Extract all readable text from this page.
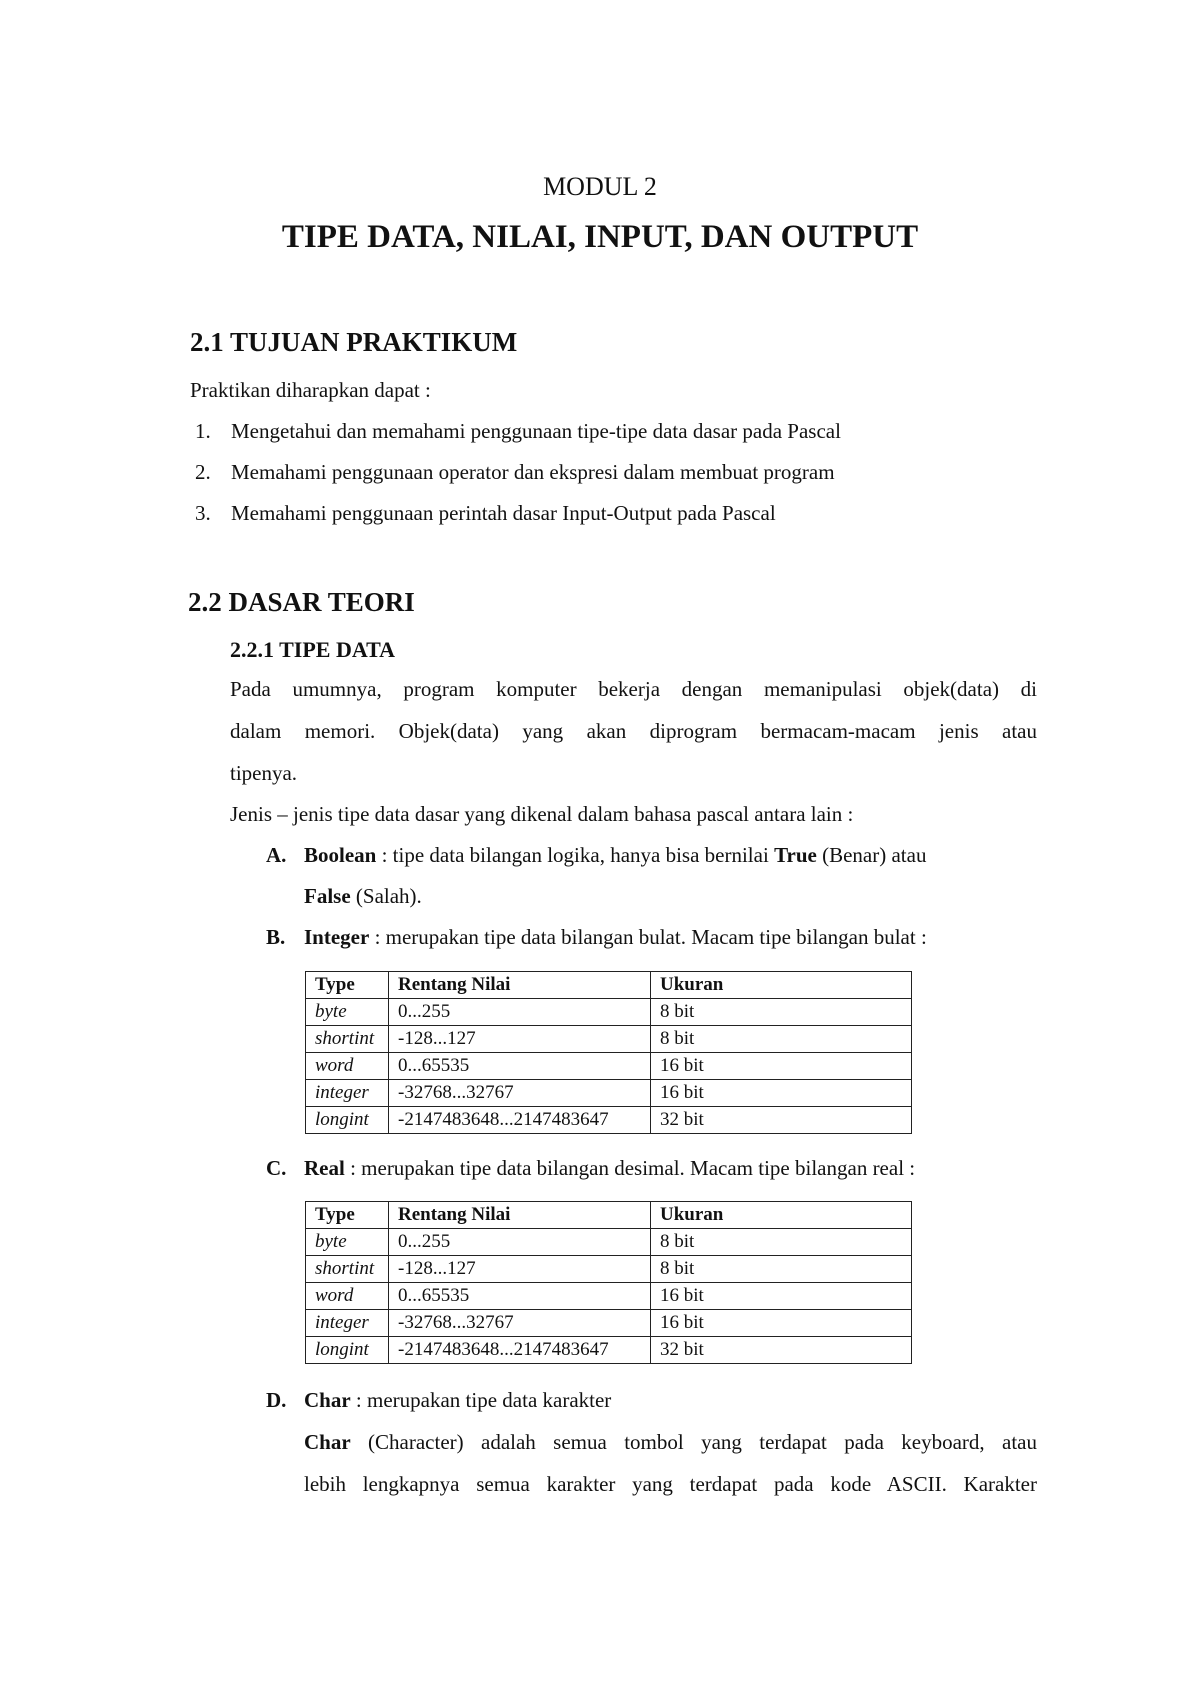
MODUL 2

TIPE DATA, NILAI, INPUT, DAN OUTPUT

2.1 TUJUAN PRAKTIKUM

Praktikan diharapkan dapat :

1. Mengetahui dan memahami penggunaan tipe-tipe data dasar pada Pascal

2. Memahami penggunaan operator dan ekspresi dalam membuat program

3. Memahami penggunaan perintah dasar Input-Output pada Pascal

2.2 DASAR TEORI

2.2.1 TIPE DATA

Pada umumnya, program komputer bekerja dengan memanipulasi objek(data) di

dalam memori. Objek(data) yang akan diprogram bermacam-macam jenis atau

tipenya.

Jenis – jenis tipe data dasar yang dikenal dalam bahasa pascal antara lain :

A. Boolean : tipe data bilangan logika, hanya bisa bernilai True (Benar) atau

False (Salah).

B. Integer : merupakan tipe data bilangan bulat. Macam tipe bilangan bulat :

Type	Rentang Nilai	Ukuran
byte	0...255	8 bit
shortint	-128...127	8 bit
word	0...65535	16 bit
integer	-32768...32767	16 bit
longint	-2147483648...2147483647	32 bit

C. Real : merupakan tipe data bilangan desimal. Macam tipe bilangan real :

Type	Rentang Nilai	Ukuran
byte	0...255	8 bit
shortint	-128...127	8 bit
word	0...65535	16 bit
integer	-32768...32767	16 bit
longint	-2147483648...2147483647	32 bit

D. Char : merupakan tipe data karakter

Char (Character) adalah semua tombol yang terdapat pada keyboard, atau

lebih lengkapnya semua karakter yang terdapat pada kode ASCII. Karakter
